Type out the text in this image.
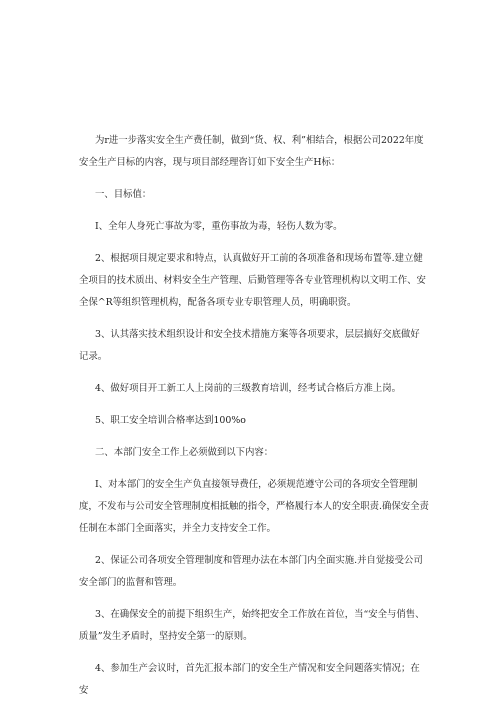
为r进一步落实安全生产费任制，做到“货、权、利”相结合，根据公司2022年度安全生产目标的内容，现与项目部经理咨订如下安全生产H标：

一、目标值：

I、全年人身死亡事故为零，重伤事故为毒，轻伤人数为零。

2、根据项目规定要求和特点，认真做好开工前的各项准备和现场布置等.建立健全项目的技术质出、材料安全生产管理、后勤管理等各专业管理机构以文明工作、安全保^R等组织管理机构，配备各项专业专职管理人员，明确职资。

3、认其落实技术组织设计和安全技术措施方案等各项要求，层层搞好交底做好记录。

4、做好项目开工新工人上岗前的三级教育培训，经考试合格后方准上岗。

5、职工安全培训合格率达到100%o

二、本部门安全工作上必须做到以下内容：

I、对本部门的安全生产负直接领导费任，必须规范遵守公司的各项安全管理制度，不发布与公司安全管理制度相抵触的指令，严格履行本人的安全职责.确保安全责任制在本部门全面落实，并全力支持安全工作。

2、保证公司各项安全管理制度和管理办法在本部门内全面实施.并自觉接受公司安全部门的监督和管理。

3、在确保安全的前提下组织生产，始终把安全工作放在首位，当“安全与俏售、质量”发生矛盾时，坚持安全第一的原则。

4、参加生产会议时，首先汇报本部门的安全生产情况和安全问题落实情况；在安
